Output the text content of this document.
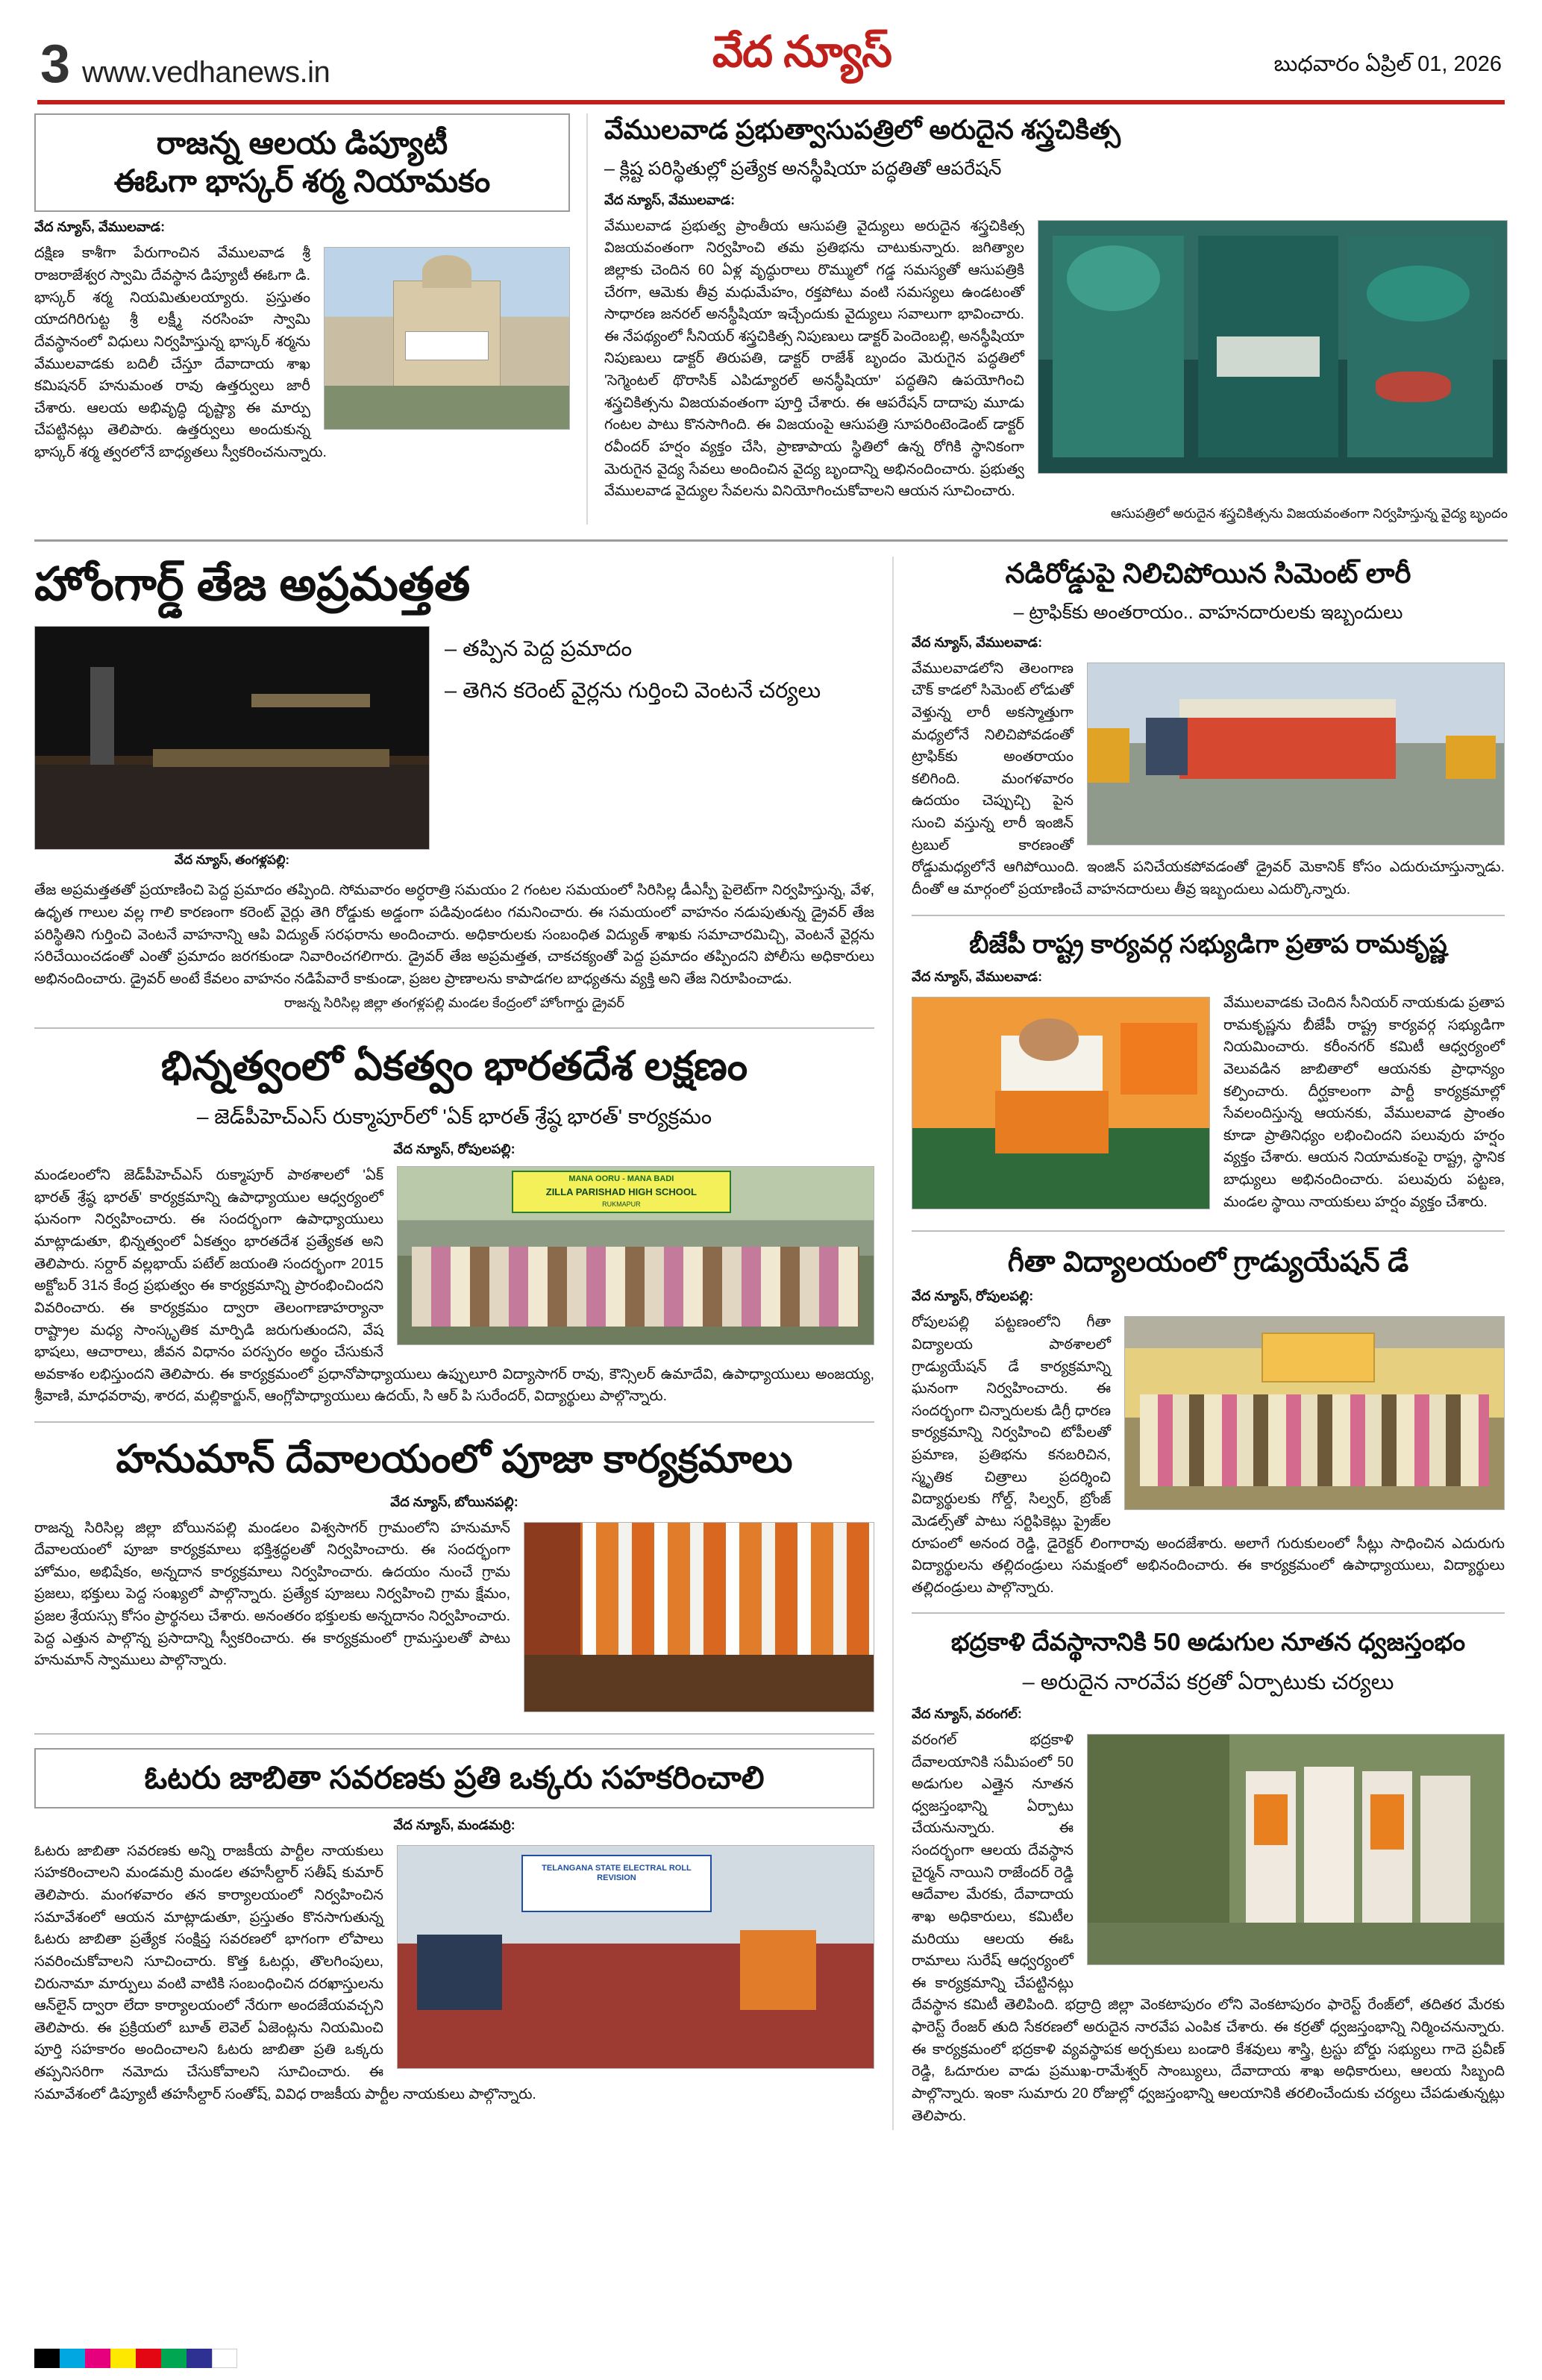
3 www.vedhanews.in	వేద న్యూస్	బుధవారం ఏప్రిల్ 01, 2026
రాజన్న ఆలయ డిప్యూటీ
ఈఓగా భాస్కర్ శర్మ నియామకం
వేద న్యూస్, వేములవాడ:
దక్షిణ కాశీగా పేరుగాంచిన వేములవాడ శ్రీ రాజరాజేశ్వర స్వామి దేవస్థాన డిప్యూటీ ఈఓగా డి. భాస్కర్ శర్మ నియమితులయ్యారు. ప్రస్తుతం యాదగిరిగుట్ట శ్రీ లక్ష్మీ నరసింహ స్వామి దేవస్థానంలో విధులు నిర్వహిస్తున్న భాస్కర్ శర్మను వేములవాడకు బదిలీ చేస్తూ దేవాదాయ శాఖ కమిషనర్ హనుమంత రావు ఉత్తర్వులు జారీ చేశారు. ఆలయ అభివృద్ధి దృష్ట్యా ఈ మార్పు చేపట్టినట్లు తెలిపారు. ఉత్తర్వులు అందుకున్న భాస్కర్ శర్మ త్వరలోనే బాధ్యతలు స్వీకరించనున్నారు.
వేములవాడ ప్రభుత్వాసుపత్రిలో అరుదైన శస్త్రచికిత్స
– క్లిష్ట పరిస్థితుల్లో ప్రత్యేక అనస్థీషియా పద్ధతితో ఆపరేషన్
వేద న్యూస్, వేములవాడ:
వేములవాడ ప్రభుత్వ ప్రాంతీయ ఆసుపత్రి వైద్యులు అరుదైన శస్త్రచికిత్స విజయవంతంగా నిర్వహించి తమ ప్రతిభను చాటుకున్నారు. జగిత్యాల జిల్లాకు చెందిన 60 ఏళ్ల వృద్ధురాలు రొమ్ములో గడ్డ సమస్యతో ఆసుపత్రికి చేరగా, ఆమెకు తీవ్ర మధుమేహం, రక్తపోటు వంటి సమస్యలు ఉండటంతో సాధారణ జనరల్ అనస్థీషియా ఇచ్చేందుకు వైద్యులు సవాలుగా భావించారు. ఈ నేపథ్యంలో సీనియర్ శస్త్రచికిత్స నిపుణులు డాక్టర్ పెందెంబల్లి, అనస్థీషియా నిపుణులు డాక్టర్ తిరుపతి, డాక్టర్ రాజేశ్ బృందం మెరుగైన పద్ధతిలో 'సెగ్మెంటల్ థొరాసిక్ ఎపిడ్యూరల్ అనస్థీషియా' పద్ధతిని ఉపయోగించి శస్త్రచికిత్సను విజయవంతంగా పూర్తి చేశారు. ఈ ఆపరేషన్ దాదాపు మూడు గంటల పాటు కొనసాగింది. ఈ విజయంపై ఆసుపత్రి సూపరింటెండెంట్ డాక్టర్ రవీందర్ హర్షం వ్యక్తం చేసి, ప్రాణాపాయ స్థితిలో ఉన్న రోగికి స్థానికంగా మెరుగైన వైద్య సేవలు అందించిన వైద్య బృందాన్ని అభినందించారు. ప్రభుత్వ వేములవాడ వైద్యుల సేవలను వినియోగించుకోవాలని ఆయన సూచించారు.
ఆసుపత్రిలో అరుదైన శస్త్రచికిత్సను విజయవంతంగా నిర్వహిస్తున్న వైద్య బృందం
హోంగార్డ్ తేజ అప్రమత్తత
వేద న్యూస్, తంగళ్లపల్లి:
– తప్పిన పెద్ద ప్రమాదం
– తెగిన కరెంట్ వైర్లను గుర్తించి వెంటనే చర్యలు
తేజ అప్రమత్తతతో ప్రయాణించి పెద్ద ప్రమాదం తప్పింది. సోమవారం అర్ధరాత్రి సమయం 2 గంటల సమయంలో సిరిసిల్ల డీఎస్పీ పైలెట్‌గా నిర్వహిస్తున్న, వేళ, ఉధృత గాలుల వల్ల గాలి కారణంగా కరెంట్ వైర్లు తెగి రోడ్డుకు అడ్డంగా పడివుండటం గమనించారు. ఈ సమయంలో వాహనం నడుపుతున్న డ్రైవర్ తేజ పరిస్థితిని గుర్తించి వెంటనే వాహనాన్ని ఆపి విద్యుత్ సరఫరాను అందించారు. అధికారులకు సంబంధిత విద్యుత్ శాఖకు సమాచారమిచ్చి, వెంటనే వైర్లను సరిచేయించడంతో ఎంతో ప్రమాదం జరగకుండా నివారించగలిగారు. డ్రైవర్ తేజ అప్రమత్తత, చాకచక్యంతో పెద్ద ప్రమాదం తప్పిందని పోలీసు అధికారులు అభినందించారు. డ్రైవర్ అంటే కేవలం వాహనం నడిపేవారే కాకుండా, ప్రజల ప్రాణాలను కాపాడగల బాధ్యతను వ్యక్తి అని తేజ నిరూపించాడు.
రాజన్న సిరిసిల్ల జిల్లా తంగళ్లపల్లి మండల కేంద్రంలో హోంగార్డు డ్రైవర్
భిన్నత్వంలో ఏకత్వం భారతదేశ లక్షణం
– జెడ్‌పీహెచ్‌ఎస్ రుక్మాపూర్‌లో 'ఏక్ భారత్ శ్రేష్ఠ భారత్' కార్యక్రమం
వేద న్యూస్, రోపులపల్లి:
MANA OORU - MANA BADI
ZILLA PARISHAD HIGH SCHOOL
RUKMAPUR
మండలంలోని జెడ్‌పీహెచ్‌ఎస్ రుక్మాపూర్ పాఠశాలలో 'ఏక్ భారత్ శ్రేష్ఠ భారత్' కార్యక్రమాన్ని ఉపాధ్యాయుల ఆధ్వర్యంలో ఘనంగా నిర్వహించారు. ఈ సందర్భంగా ఉపాధ్యాయులు మాట్లాడుతూ, భిన్నత్వంలో ఏకత్వం భారతదేశ ప్రత్యేకత అని తెలిపారు. సర్దార్ వల్లభాయ్ పటేల్ జయంతి సందర్భంగా 2015 అక్టోబర్ 31న కేంద్ర ప్రభుత్వం ఈ కార్యక్రమాన్ని ప్రారంభించిందని వివరించారు. ఈ కార్యక్రమం ద్వారా తెలంగాణాహర్యానా రాష్ట్రాల మధ్య సాంస్కృతిక మార్పిడి జరుగుతుందని, వేష భాషలు, ఆచారాలు, జీవన విధానం పరస్పరం అర్థం చేసుకునే అవకాశం లభిస్తుందని తెలిపారు. ఈ కార్యక్రమంలో ప్రధానోపాధ్యాయులు ఉప్పులూరి విద్యాసాగర్ రావు, కౌన్సిలర్ ఉమాదేవి, ఉపాధ్యాయులు అంజయ్య, శ్రీవాణి, మాధవరావు, శారద, మల్లికార్జున్, ఆంగ్లోపాధ్యాయులు ఉదయ్, సి ఆర్ పి సురేందర్, విద్యార్థులు పాల్గొన్నారు.
హనుమాన్ దేవాలయంలో పూజా కార్యక్రమాలు
వేద న్యూస్, బోయినపల్లి:
రాజన్న సిరిసిల్ల జిల్లా బోయినపల్లి మండలం విశ్వసాగర్ గ్రామంలోని హనుమాన్ దేవాలయంలో పూజా కార్యక్రమాలు భక్తిశ్రద్ధలతో నిర్వహించారు. ఈ సందర్భంగా హోమం, అభిషేకం, అన్నదాన కార్యక్రమాలు నిర్వహించారు. ఉదయం నుంచే గ్రామ ప్రజలు, భక్తులు పెద్ద సంఖ్యలో పాల్గొన్నారు. ప్రత్యేక పూజలు నిర్వహించి గ్రామ క్షేమం, ప్రజల శ్రేయస్సు కోసం ప్రార్థనలు చేశారు. అనంతరం భక్తులకు అన్నదానం నిర్వహించారు. పెద్ద ఎత్తున పాల్గొన్న ప్రసాదాన్ని స్వీకరించారు. ఈ కార్యక్రమంలో గ్రామస్తులతో పాటు హనుమాన్ స్వాములు పాల్గొన్నారు.
ఓటరు జాబితా సవరణకు ప్రతి ఒక్కరు సహకరించాలి
వేద న్యూస్, మండమర్రి:
TELANGANA STATE ELECTRAL ROLL REVISION
ఓటరు జాబితా సవరణకు అన్ని రాజకీయ పార్టీల నాయకులు సహకరించాలని మండమర్రి మండల తహసీల్దార్ సతీష్ కుమార్ తెలిపారు. మంగళవారం తన కార్యాలయంలో నిర్వహించిన సమావేశంలో ఆయన మాట్లాడుతూ, ప్రస్తుతం కొనసాగుతున్న ఓటరు జాబితా ప్రత్యేక సంక్షిప్త సవరణలో భాగంగా లోపాలు సవరించుకోవాలని సూచించారు. కొత్త ఓటర్లు, తొలగింపులు, చిరునామా మార్పులు వంటి వాటికి సంబంధించిన దరఖాస్తులను ఆన్‌లైన్ ద్వారా లేదా కార్యాలయంలో నేరుగా అందజేయవచ్చని తెలిపారు. ఈ ప్రక్రియలో బూత్ లెవెల్ ఏజెంట్లను నియమించి పూర్తి సహకారం అందించాలని ఓటరు జాబితా ప్రతి ఒక్కరు తప్పనిసరిగా నమోదు చేసుకోవాలని సూచించారు. ఈ సమావేశంలో డిప్యూటీ తహసీల్దార్ సంతోష్, వివిధ రాజకీయ పార్టీల నాయకులు పాల్గొన్నారు.
నడిరోడ్డుపై నిలిచిపోయిన సిమెంట్ లారీ
– ట్రాఫిక్‌కు అంతరాయం.. వాహనదారులకు ఇబ్బందులు
వేద న్యూస్, వేములవాడ:
వేములవాడలోని తెలంగాణ చౌక్ కాడలో సిమెంట్ లోడుతో వెళ్తున్న లారీ అకస్మాత్తుగా మధ్యలోనే నిలిచిపోవడంతో ట్రాఫిక్‌కు అంతరాయం కలిగింది. మంగళవారం ఉదయం చెప్పుచ్చి పైన సుంచి వస్తున్న లారీ ఇంజిన్ ట్రబుల్‌ కారణంతో రోడ్డుమధ్యలోనే ఆగిపోయింది. ఇంజిన్ పనిచేయకపోవడంతో డ్రైవర్ మెకానిక్ కోసం ఎదురుచూస్తున్నాడు. దీంతో ఆ మార్గంలో ప్రయాణించే వాహనదారులు తీవ్ర ఇబ్బందులు ఎదుర్కొన్నారు.
బీజేపీ రాష్ట్ర కార్యవర్గ సభ్యుడిగా ప్రతాప రామకృష్ణ
వేద న్యూస్, వేములవాడ:
వేములవాడకు చెందిన సీనియర్ నాయకుడు ప్రతాప రామకృష్ణను బీజేపీ రాష్ట్ర కార్యవర్గ సభ్యుడిగా నియమించారు. కరీంనగర్ కమిటీ ఆధ్వర్యంలో వెలువడిన జాబితాలో ఆయనకు ప్రాధాన్యం కల్పించారు. దీర్ఘకాలంగా పార్టీ కార్యక్రమాల్లో సేవలందిస్తున్న ఆయనకు, వేములవాడ ప్రాంతం కూడా ప్రాతినిధ్యం లభించిందని పలువురు హర్షం వ్యక్తం చేశారు. ఆయన నియామకంపై రాష్ట్ర, స్థానిక బాధ్యులు అభినందించారు. పలువురు పట్టణ, మండల స్థాయి నాయకులు హర్షం వ్యక్తం చేశారు.
గీతా విద్యాలయంలో గ్రాడ్యుయేషన్ డే
వేద న్యూస్, రోపులపల్లి:
రోపులపల్లి పట్టణంలోని గీతా విద్యాలయ పాఠశాలలో గ్రాడ్యుయేషన్ డే కార్యక్రమాన్ని ఘనంగా నిర్వహించారు. ఈ సందర్భంగా చిన్నారులకు డిగ్రీ ధారణ కార్యక్రమాన్ని నిర్వహించి టోపీలతో ప్రమాణ, ప్రతిభను కనబరిచిన, స్మృతిక చిత్రాలు ప్రదర్శించి విద్యార్థులకు గోల్డ్, సిల్వర్, బ్రోంజ్ మెడల్స్‌తో పాటు సర్టిఫికెట్లు ప్రైజ్‌ల రూపంలో అనంద రెడ్డి, డైరెక్టర్ లింగారావు అందజేశారు. అలాగే గురుకులంలో సీట్లు సాధించిన ఎదురుగు విద్యార్థులను తల్లిదండ్రులు సమక్షంలో అభినందించారు. ఈ కార్యక్రమంలో ఉపాధ్యాయులు, విద్యార్థులు తల్లిదండ్రులు పాల్గొన్నారు.
భద్రకాళి దేవస్థానానికి 50 అడుగుల నూతన ధ్వజస్తంభం
– అరుదైన నారవేప కర్రతో ఏర్పాటుకు చర్యలు
వేద న్యూస్, వరంగల్:
వరంగల్ భద్రకాళి దేవాలయానికి సమీపంలో 50 అడుగుల ఎత్తైన నూతన ధ్వజస్తంభాన్ని ఏర్పాటు చేయనున్నారు. ఈ సందర్భంగా ఆలయ దేవస్థాన చైర్మన్ నాయిని రాజేందర్ రెడ్డి ఆదేవాల మేరకు, దేవాదాయ శాఖ అధికారులు, కమిటీల మరియు ఆలయ ఈఓ రామాలు సురేష్ ఆధ్వర్యంలో ఈ కార్యక్రమాన్ని చేపట్టినట్లు దేవస్థాన కమిటీ తెలిపింది. భద్రాద్రి జిల్లా వెంకటాపురం లోని వెంకటాపురం ఫారెస్ట్ రేంజ్‌లో, తదితర మేరకు ఫారెస్ట్ రేంజర్ తుది సేకరణలో అరుదైన నారవేప ఎంపిక చేశారు. ఈ కర్రతో ధ్వజస్తంభాన్ని నిర్మించనున్నారు. ఈ కార్యక్రమంలో భద్రకాళి వ్యవస్థాపక అర్చకులు బండారి కేశవులు శాస్త్రి, ట్రస్టు బోర్డు సభ్యులు గాదె ప్రవీణ్ రెడ్డి, ఓదూరుల వాడు ప్రముఖ-రామేశ్వర్ సాంబ్యులు, దేవాదాయ శాఖ అధికారులు, ఆలయ సిబ్బంది పాల్గొన్నారు. ఇంకా సుమారు 20 రోజుల్లో ధ్వజస్తంభాన్ని ఆలయానికి తరలించేందుకు చర్యలు చేపడుతున్నట్లు తెలిపారు.
